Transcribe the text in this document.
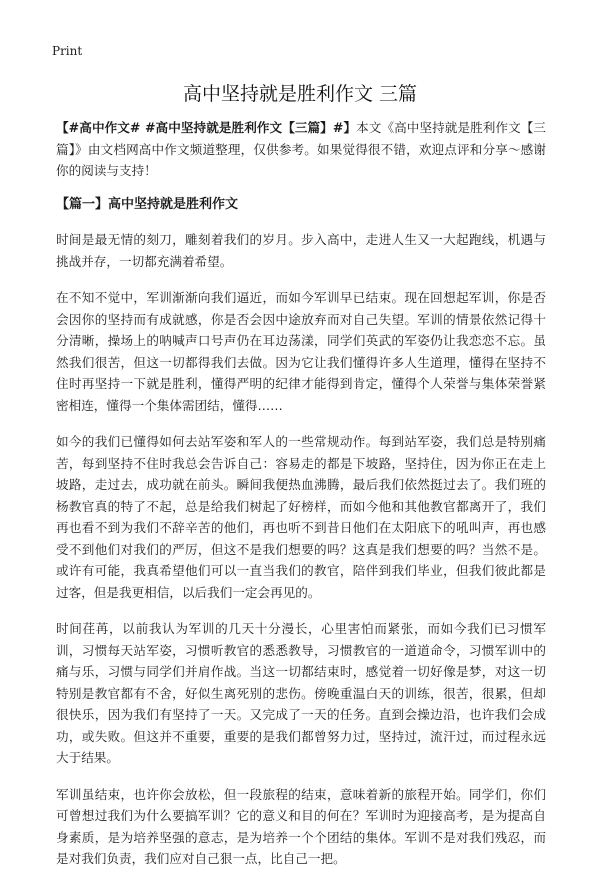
Print
高中坚持就是胜利作文 三篇

【#高中作文# #高中坚持就是胜利作文【三篇】#】本文《高中坚持就是胜利作文【三篇】》由文档网高中作文频道整理，仅供参考。如果觉得很不错，欢迎点评和分享～感谢你的阅读与支持！

【篇一】高中坚持就是胜利作文

时间是最无情的刻刀，雕刻着我们的岁月。步入高中，走进人生又一大起跑线，机遇与挑战并存，一切都充满着希望。

在不知不觉中，军训渐渐向我们逼近，而如今军训早已结束。现在回想起军训，你是否会因你的坚持而有成就感，你是否会因中途放弃而对自己失望。军训的情景依然记得十分清晰，操场上的呐喊声口号声仍在耳边荡漾，同学们英武的军姿仍让我恋恋不忘。虽然我们很苦，但这一切都得我们去做。因为它让我们懂得许多人生道理，懂得在坚持不住时再坚持一下就是胜利，懂得严明的纪律才能得到肯定，懂得个人荣誉与集体荣誉紧密相连，懂得一个集体需团结，懂得……

如今的我们已懂得如何去站军姿和军人的一些常规动作。每到站军姿，我们总是特别痛苦，每到坚持不住时我总会告诉自己：容易走的都是下坡路，坚持住，因为你正在走上坡路，走过去，成功就在前头。瞬间我便热血沸腾，最后我们依然挺过去了。我们班的杨教官真的特了不起，总是给我们树起了好榜样，而如今他和其他教官都离开了，我们再也看不到为我们不辞辛苦的他们，再也听不到昔日他们在太阳底下的吼叫声，再也感受不到他们对我们的严厉，但这不是我们想要的吗？这真是我们想要的吗？当然不是。或许有可能，我真希望他们可以一直当我们的教官，陪伴到我们毕业，但我们彼此都是过客，但是我更相信，以后我们一定会再见的。

时间荏苒，以前我认为军训的几天十分漫长，心里害怕而紧张，而如今我们已习惯军训，习惯每天站军姿，习惯听教官的悉悉教导，习惯教官的一道道命令，习惯军训中的痛与乐，习惯与同学们并肩作战。当这一切都结束时，感觉着一切好像是梦，对这一切特别是教官都有不舍，好似生离死别的悲伤。傍晚重温白天的训练，很苦，很累，但却很快乐，因为我们有坚持了一天。又完成了一天的任务。直到会操边沿，也许我们会成功，或失败。但这并不重要，重要的是我们都曾努力过，坚持过，流汗过，而过程永远大于结果。

军训虽结束，也许你会放松，但一段旅程的结束，意味着新的旅程开始。同学们，你们可曾想过我们为什么要搞军训？它的意义和目的何在？军训时为迎接高考，是为提高自身素质，是为培养坚强的意志，是为培养一个个团结的集体。军训不是对我们残忍，而是对我们负责，我们应对自己狠一点，比自己一把。
